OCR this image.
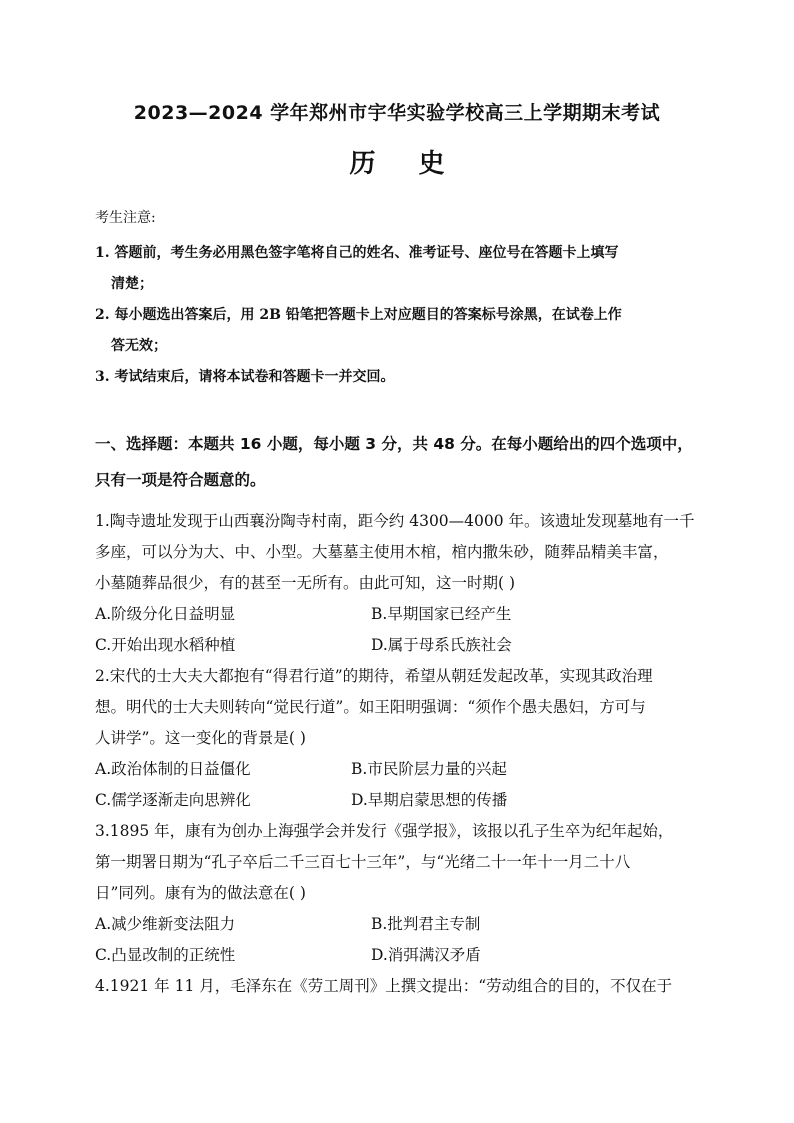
2023—2024 学年郑州市宇华实验学校高三上学期期末考试
历 史
考生注意:
1. 答题前，考生务必用黑色签字笔将自己的姓名、准考证号、座位号在答题卡上填写
清楚；
2. 每小题选出答案后，用 2B 铅笔把答题卡上对应题目的答案标号涂黑，在试卷上作
答无效；
3. 考试结束后，请将本试卷和答题卡一并交回。
一、选择题：本题共 16 小题，每小题 3 分，共 48 分。在每小题给出的四个选项中，
只有一项是符合题意的。
1.陶寺遗址发现于山西襄汾陶寺村南，距今约 4300—4000 年。该遗址发现墓地有一千
多座，可以分为大、中、小型。大墓墓主使用木棺，棺内撒朱砂，随葬品精美丰富，
小墓随葬品很少，有的甚至一无所有。由此可知，这一时期( )
A.阶级分化日益明显	B.早期国家已经产生
C.开始出现水稻种植	D.属于母系氏族社会
2.宋代的士大夫大都抱有“得君行道”的期待，希望从朝廷发起改革，实现其政治理
想。明代的士大夫则转向“觉民行道”。如王阳明强调：“须作个愚夫愚妇，方可与
人讲学”。这一变化的背景是( )
A.政治体制的日益僵化	B.市民阶层力量的兴起
C.儒学逐渐走向思辨化	D.早期启蒙思想的传播
3.1895 年，康有为创办上海强学会并发行《强学报》，该报以孔子生卒为纪年起始，
第一期署日期为“孔子卒后二千三百七十三年”，与“光绪二十一年十一月二十八
日”同列。康有为的做法意在( )
A.减少维新变法阻力	B.批判君主专制
C.凸显改制的正统性	D.消弭满汉矛盾
4.1921 年 11 月，毛泽东在《劳工周刊》上撰文提出：“劳动组合的目的，不仅在于
